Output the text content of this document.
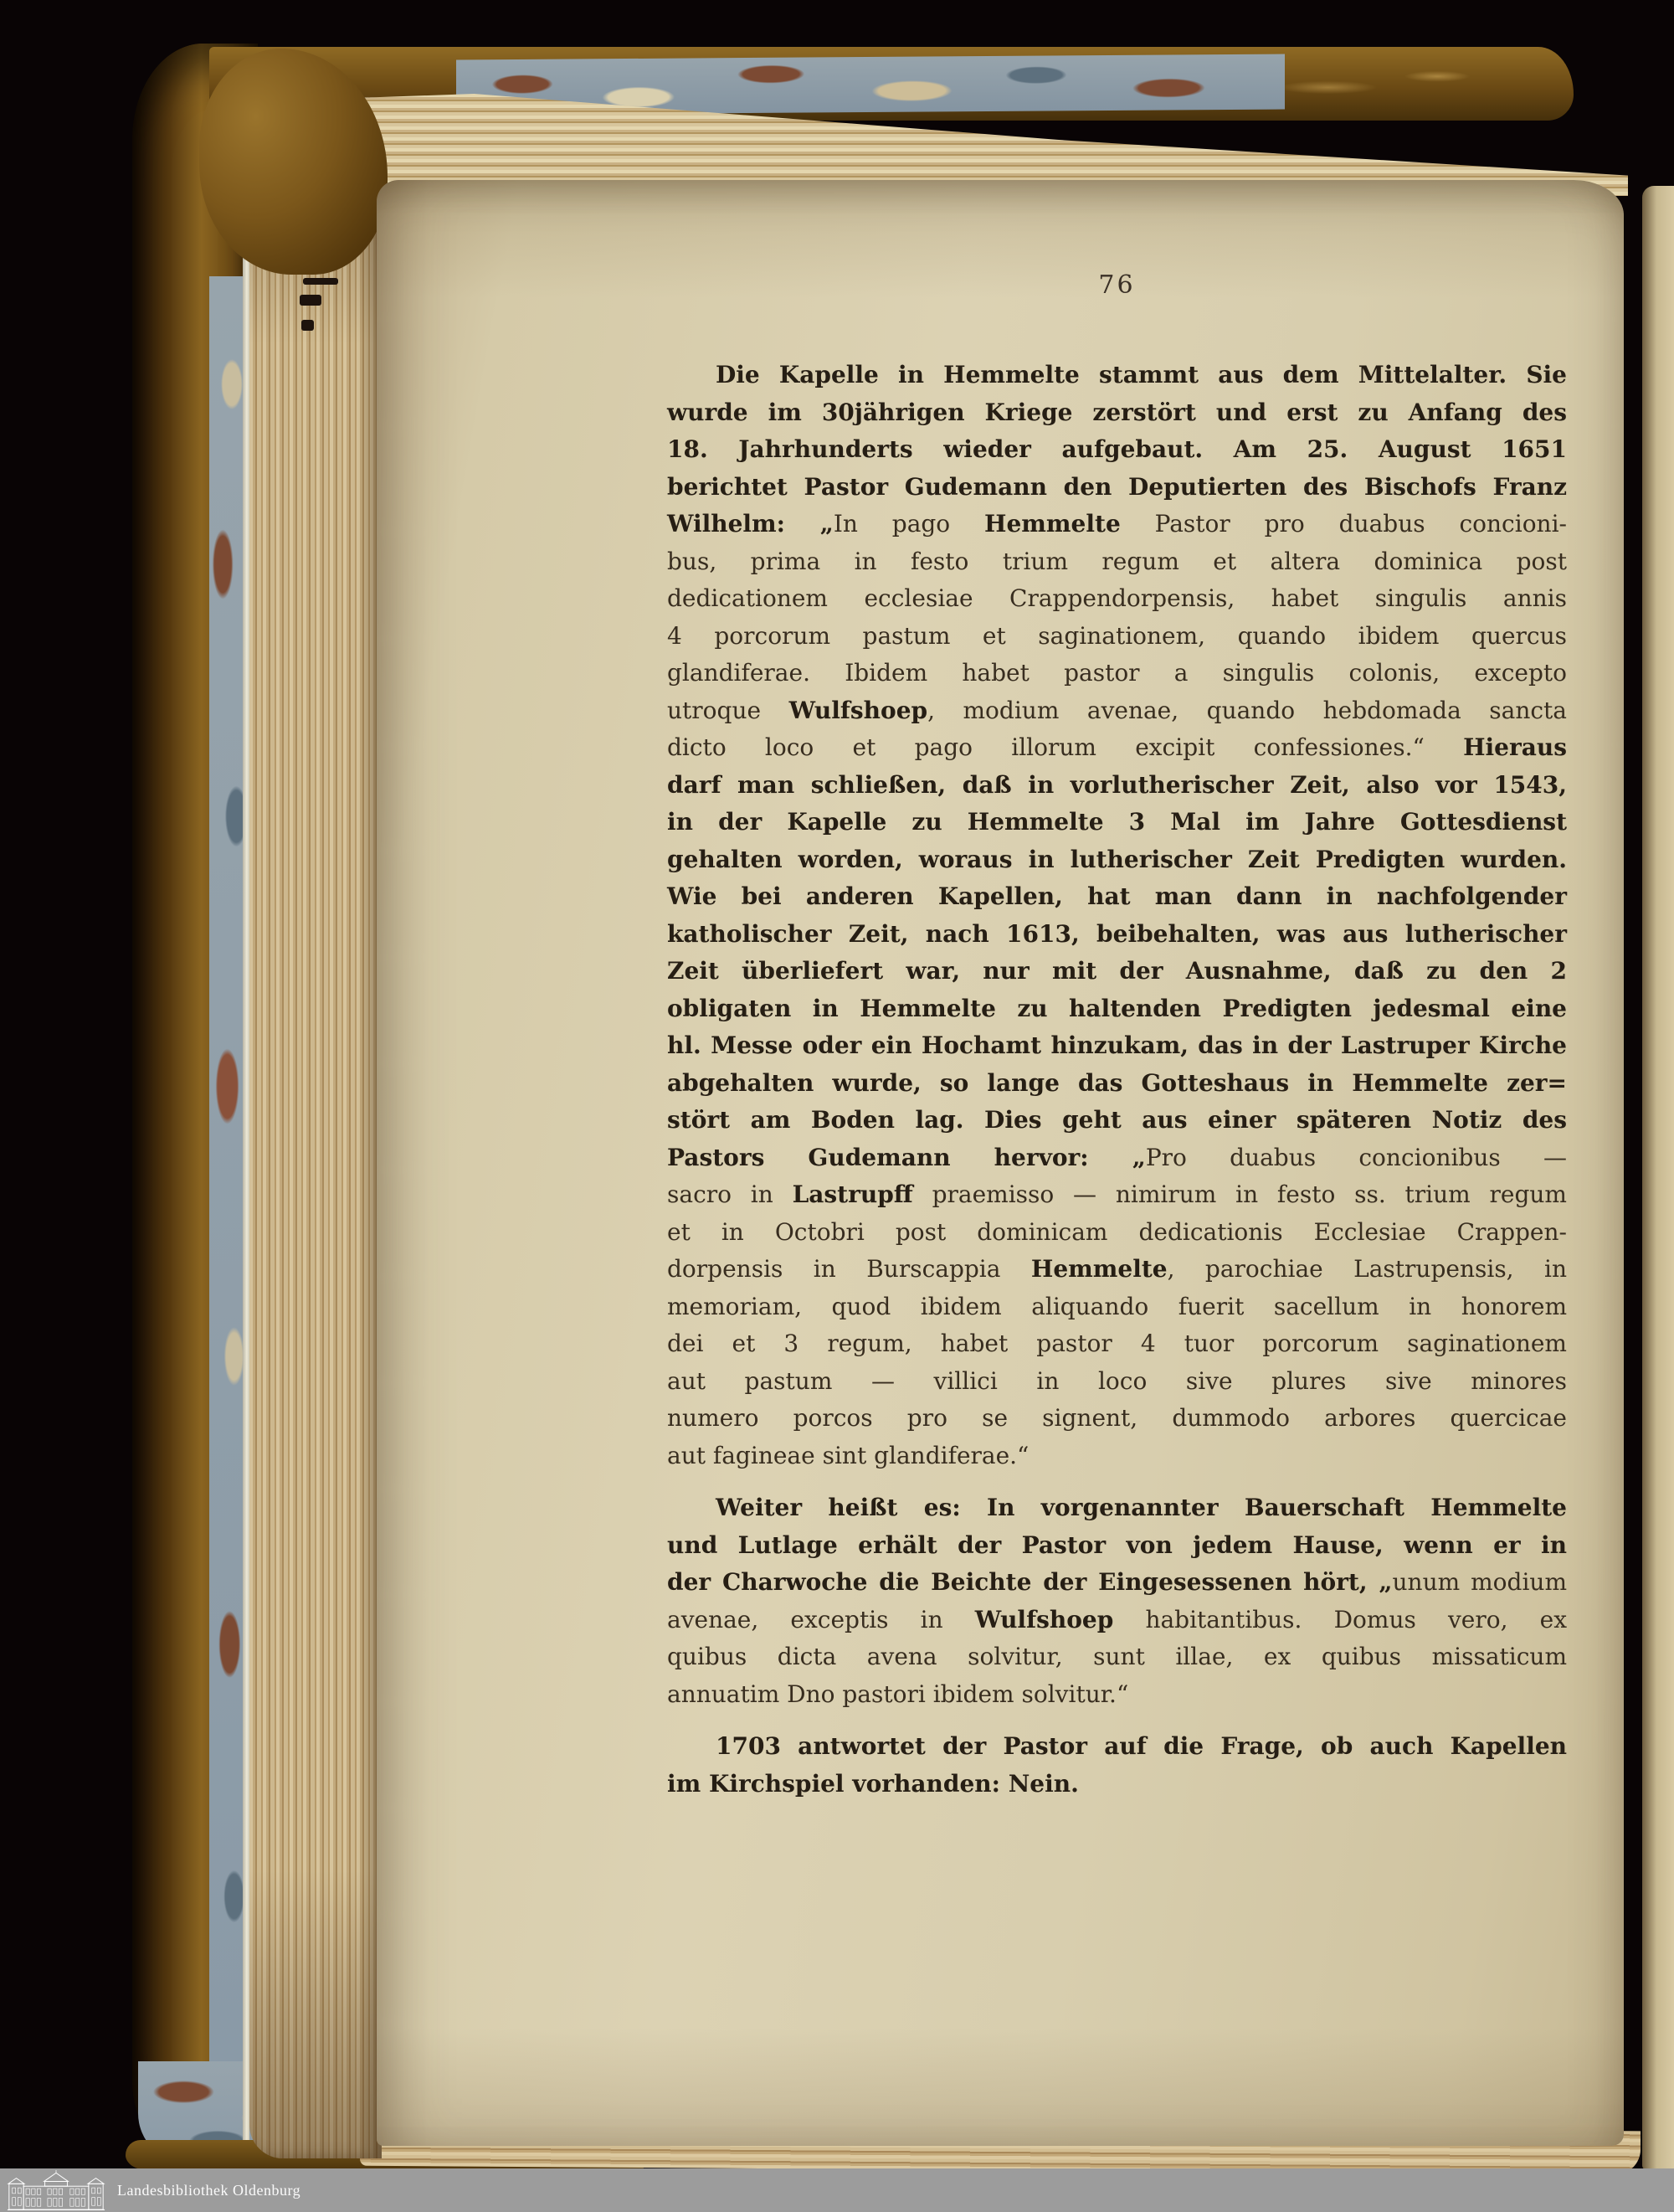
76
Die Kapelle in Hemmelte stammt aus dem Mittelalter. Sie
wurde im 30jährigen Kriege zerstört und erst zu Anfang des
18. Jahrhunderts wieder aufgebaut. Am 25. August 1651
berichtet Pastor Gudemann den Deputierten des Bischofs Franz
Wilhelm: „In pago Hemmelte Pastor pro duabus concioni-
bus, prima in festo trium regum et altera dominica post
dedicationem ecclesiae Crappendorpensis, habet singulis annis
4 porcorum pastum et saginationem, quando ibidem quercus
glandiferae. Ibidem habet pastor a singulis colonis, excepto
utroque Wulfshoep, modium avenae, quando hebdomada sancta
dicto loco et pago illorum excipit confessiones.“ Hieraus
darf man schließen, daß in vorlutherischer Zeit, also vor 1543,
in der Kapelle zu Hemmelte 3 Mal im Jahre Gottesdienst
gehalten worden, woraus in lutherischer Zeit Predigten wurden.
Wie bei anderen Kapellen, hat man dann in nachfolgender
katholischer Zeit, nach 1613, beibehalten, was aus lutherischer
Zeit überliefert war, nur mit der Ausnahme, daß zu den 2
obligaten in Hemmelte zu haltenden Predigten jedesmal eine
hl. Messe oder ein Hochamt hinzukam, das in der Lastruper Kirche
abgehalten wurde, so lange das Gotteshaus in Hemmelte zer=
stört am Boden lag. Dies geht aus einer späteren Notiz des
Pastors Gudemann hervor: „Pro duabus concionibus —
sacro in Lastrupff praemisso — nimirum in festo ss. trium regum
et in Octobri post dominicam dedicationis Ecclesiae Crappen-
dorpensis in Burscappia Hemmelte, parochiae Lastrupensis, in
memoriam, quod ibidem aliquando fuerit sacellum in honorem
dei et 3 regum, habet pastor 4 tuor porcorum saginationem
aut pastum — villici in loco sive plures sive minores
numero porcos pro se signent, dummodo arbores quercicae
aut fagineae sint glandiferae.“
Weiter heißt es: In vorgenannter Bauerschaft Hemmelte
und Lutlage erhält der Pastor von jedem Hause, wenn er in
der Charwoche die Beichte der Eingesessenen hört, „unum modium
avenae, exceptis in Wulfshoep habitantibus. Domus vero, ex
quibus dicta avena solvitur, sunt illae, ex quibus missaticum
annuatim Dno pastori ibidem solvitur.“
1703 antwortet der Pastor auf die Frage, ob auch Kapellen
im Kirchspiel vorhanden: Nein.
Landesbibliothek Oldenburg
